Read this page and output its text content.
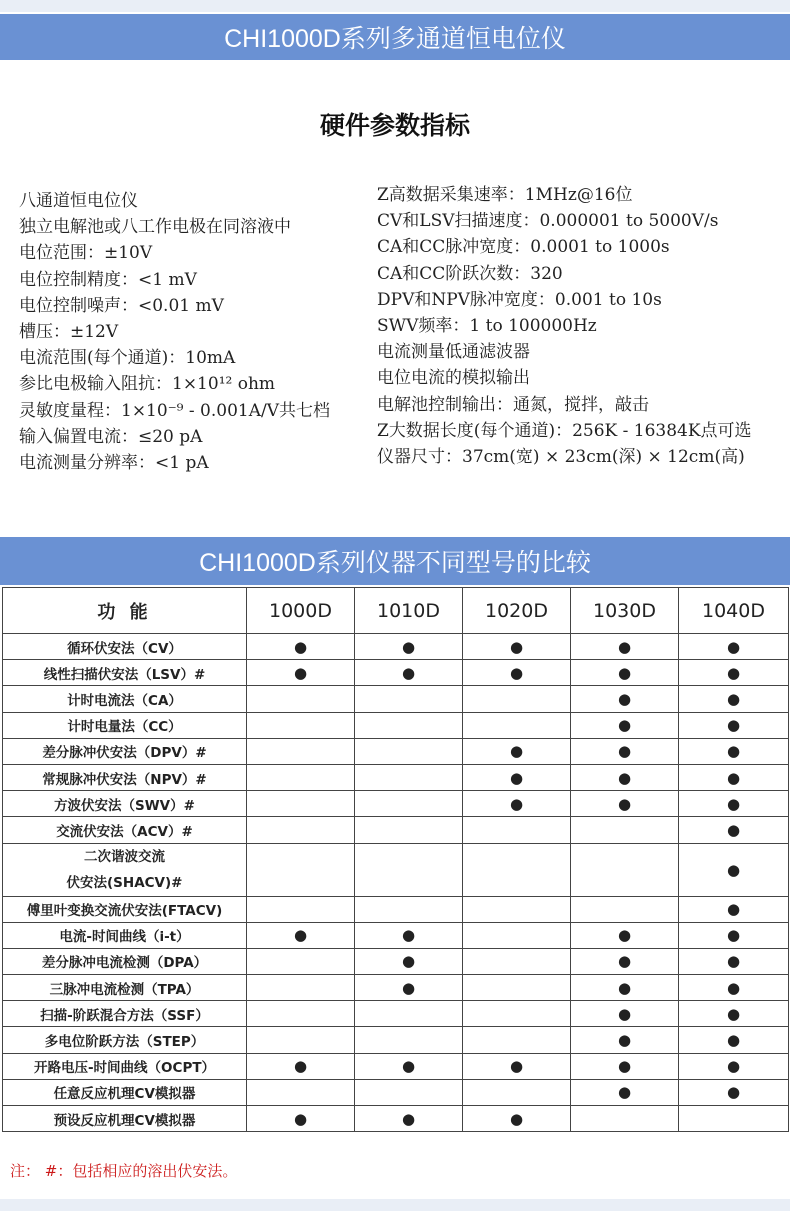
CHI1000D系列多通道恒电位仪
硬件参数指标
八通道恒电位仪
独立电解池或八工作电极在同溶液中
电位范围：±10V
电位控制精度：<1 mV
电位控制噪声：<0.01 mV
槽压：±12V
电流范围(每个通道)：10mA
参比电极输入阻抗：1×10¹² ohm
灵敏度量程：1×10⁻⁹ - 0.001A/V共七档
输入偏置电流：≤20 pA
电流测量分辨率：<1 pA
Z高数据采集速率：1MHz@16位
CV和LSV扫描速度：0.000001 to 5000V/s
CA和CC脉冲宽度：0.0001 to 1000s
CA和CC阶跃次数：320
DPV和NPV脉冲宽度：0.001 to 10s
SWV频率：1 to 100000Hz
电流测量低通滤波器
电位电流的模拟输出
电解池控制输出：通氮，搅拌，敲击
Z大数据长度(每个通道)：256K - 16384K点可选
仪器尺寸：37cm(宽) × 23cm(深) × 12cm(高)
CHI1000D系列仪器不同型号的比较
功 能	1000D	1010D	1020D	1030D	1040D
循环伏安法（CV）	●	●	●	●	●
线性扫描伏安法（LSV）#	●	●	●	●	●
计时电流法（CA）				●	●
计时电量法（CC）				●	●
差分脉冲伏安法（DPV）#			●	●	●
常规脉冲伏安法（NPV）#			●	●	●
方波伏安法（SWV）#			●	●	●
交流伏安法（ACV）#					●

二次谐波交流
伏安法(SHACV)#					●
傅里叶变换交流伏安法(FTACV)					●
电流-时间曲线（i-t）	●	●		●	●
差分脉冲电流检测（DPA）		●		●	●
三脉冲电流检测（TPA）		●		●	●
扫描-阶跃混合方法（SSF）				●	●
多电位阶跃方法（STEP）				●	●
开路电压-时间曲线（OCPT）	●	●	●	●	●
任意反应机理CV模拟器				●	●
预设反应机理CV模拟器	●	●	●		
注： #：包括相应的溶出伏安法。
